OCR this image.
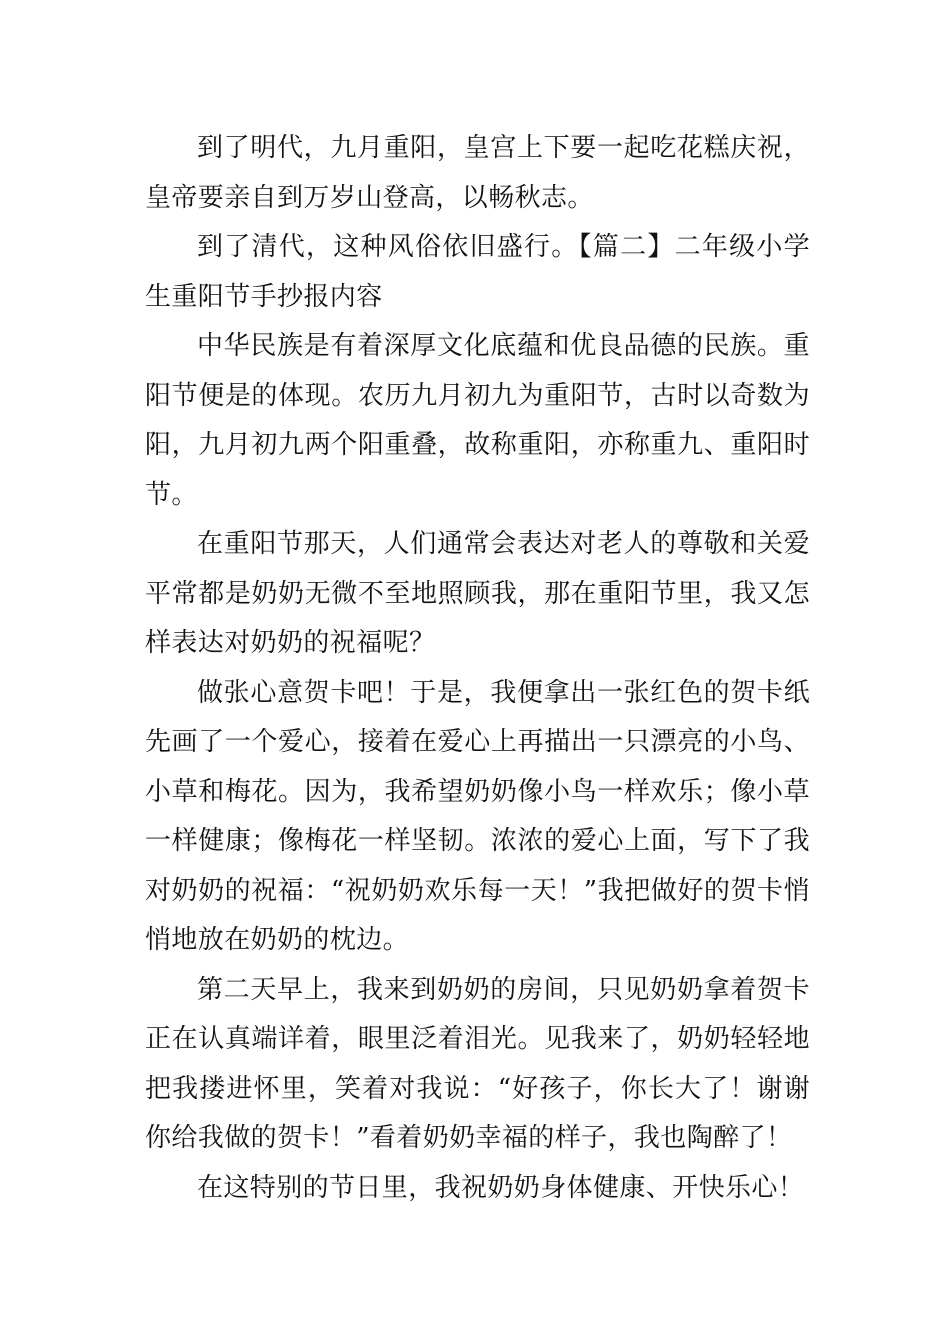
到了明代，九月重阳，皇宫上下要一起吃花糕庆祝，皇帝要亲自到万岁山登高，以畅秋志。

到了清代，这种风俗依旧盛行。【篇二】二年级小学生重阳节手抄报内容

中华民族是有着深厚文化底蕴和优良品德的民族。重阳节便是的体现。农历九月初九为重阳节，古时以奇数为阳，九月初九两个阳重叠，故称重阳，亦称重九、重阳时节。

在重阳节那天，人们通常会表达对老人的尊敬和关爱平常都是奶奶无微不至地照顾我，那在重阳节里，我又怎样表达对奶奶的祝福呢？

做张心意贺卡吧！于是，我便拿出一张红色的贺卡纸先画了一个爱心，接着在爱心上再描出一只漂亮的小鸟、小草和梅花。因为，我希望奶奶像小鸟一样欢乐；像小草一样健康；像梅花一样坚韧。浓浓的爱心上面，写下了我对奶奶的祝福：“祝奶奶欢乐每一天！”我把做好的贺卡悄悄地放在奶奶的枕边。

第二天早上，我来到奶奶的房间，只见奶奶拿着贺卡正在认真端详着，眼里泛着泪光。见我来了，奶奶轻轻地把我搂进怀里，笑着对我说：“好孩子，你长大了！谢谢你给我做的贺卡！”看着奶奶幸福的样子，我也陶醉了！

在这特别的节日里，我祝奶奶身体健康、开快乐心！
